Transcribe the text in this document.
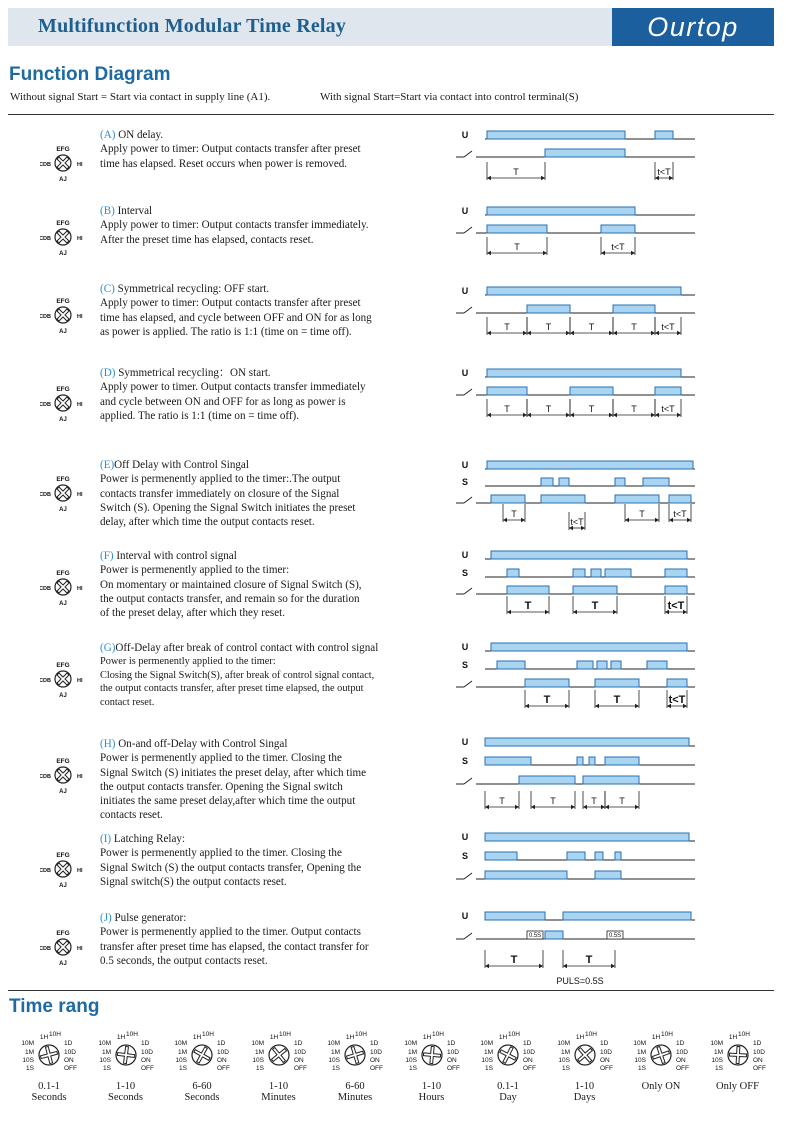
Multifunction Modular Time Relay	Ourtop
Function Diagram
Without signal Start = Start via contact in supply line (A1).	With signal Start=Start via contact into control terminal(S)
(A) ON delay.
Apply power to timer: Output contacts transfer after preset
time has elapsed. Reset occurs when power is removed.
(B) Interval
Apply power to timer: Output contacts transfer immediately.
After the preset time has elapsed, contacts reset.
(C) Symmetrical recycling: OFF start.
Apply power to timer: Output contacts transfer after preset
time has elapsed, and cycle between OFF and ON for as long
as power is applied. The ratio is 1:1 (time on = time off).
(D) Symmetrical recycling：ON start.
Apply power to timer. Output contacts transfer immediately
and cycle between ON and OFF for as long as power is
applied. The ratio is 1:1 (time on = time off).
(E)Off Delay with Control Singal
Power is permenently applied to the timer:.The output
contacts transfer immediately on closure of the Signal
Switch (S). Opening the Signal Switch initiates the preset
delay, after which time the output contacts reset.
(F) Interval with control signal
Power is permenently applied to the timer:
On momentary or maintained closure of Signal Switch (S),
the output contacts transfer, and remain so for the duration
of the preset delay, after which they reset.
(G)Off-Delay after break of control contact with control signal
Power is permenently applied to the timer:
Closing the Signal Switch(S), after break of control signal contact,
the output contacts transfer, after preset time elapsed, the output
contact reset.
(H) On-and off-Delay with Control Singal
Power is permenently applied to the timer. Closing the
Signal Switch (S) initiates the preset delay, after which time
the output contacts transfer. Opening the Signal switch
initiates the same preset delay,after which time the output
contacts reset.
(I) Latching Relay:
Power is permenently applied to the timer. Closing the
Signal Switch (S) the output contacts transfer, Opening the
Signal switch(S) the output contacts reset.
(J) Pulse generator:
Power is permenently applied to the timer. Output contacts
transfer after preset time has elapsed, the contact transfer for
0.5 seconds, the output contacts reset.
EFG
CDB	HI
AJ
EFG
CDB	HI
AJ
EFG
CDB	HI
AJ
EFG
CDB	HI
AJ
EFG
CDB	HI
AJ
EFG
CDB	HI
AJ
EFG
CDB	HI
AJ
EFG
CDB	HI
AJ
EFG
CDB	HI
AJ
EFG
CDB	HI
AJ
U
T	t<T
U
T	t<T
U
T	T	T	T	t<T
U
T	T	T	T	t<T
U
S
T
t<T
T	t<T
U
S
T	T	t<T
U
S
T	T	t<T
U
S
T	T	T	T
U
S
U
T	T
0.5S	0.5S
PULS=0.5S
Time rang
1H 10H
10M	1D
1M	10D
10S	ON
1S	OFF
0.1-1
Seconds
1H 10H
10M	1D
1M	10D
10S	ON
1S	OFF
1-10
Seconds
1H 10H
10M	1D
1M	10D
10S	ON
1S	OFF
6-60
Seconds
1H 10H
10M	1D
1M	10D
10S	ON
1S	OFF
1-10
Minutes
1H 10H
10M	1D
1M	10D
10S	ON
1S	OFF
6-60
Minutes
1H 10H
10M	1D
1M	10D
10S	ON
1S	OFF
1-10
Hours
1H 10H
10M	1D
1M	10D
10S	ON
1S	OFF
0.1-1
Day
1H 10H
10M	1D
1M	10D
10S	ON
1S	OFF
1-10
Days
1H 10H
10M	1D
1M	10D
10S	ON
1S	OFF
Only ON
1H 10H
10M	1D
1M	10D
10S	ON
1S	OFF
Only OFF
